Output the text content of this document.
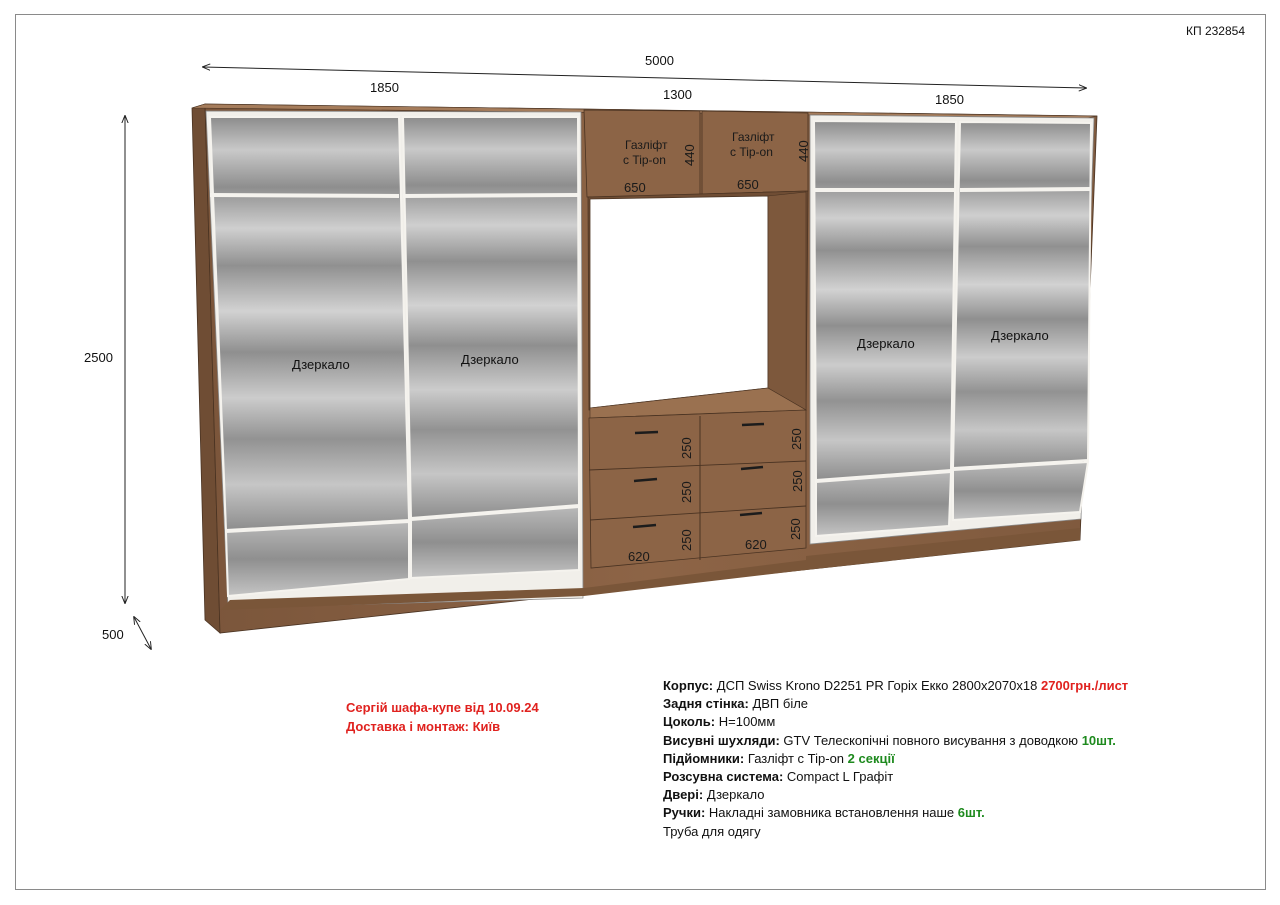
КП 232854
Дзеркало	Дзеркало
Дзеркало
Дзеркало
Газліфт
с Tip-on
Газліфт
с Tip-on
650	650
440	440
250
250
250
250
250
250
620
620
5000
1850	1300	1850
2500
500
Сергій шафа-купе від 10.09.24
Доставка і монтаж: Київ
Корпус: ДСП Swiss Krono D2251 PR Горіх Екко 2800х2070х18 2700грн./лист
Задня стінка: ДВП біле
Цоколь: Н=100мм
Висувні шухляди: GTV Телескопічні повного висування з доводкою 10шт.
Підйомники: Газліфт с Tip-on 2 секції
Розсувна система: Compact L Графіт
Двері: Дзеркало
Ручки: Накладні замовника встановлення наше 6шт.
Труба для одягу
